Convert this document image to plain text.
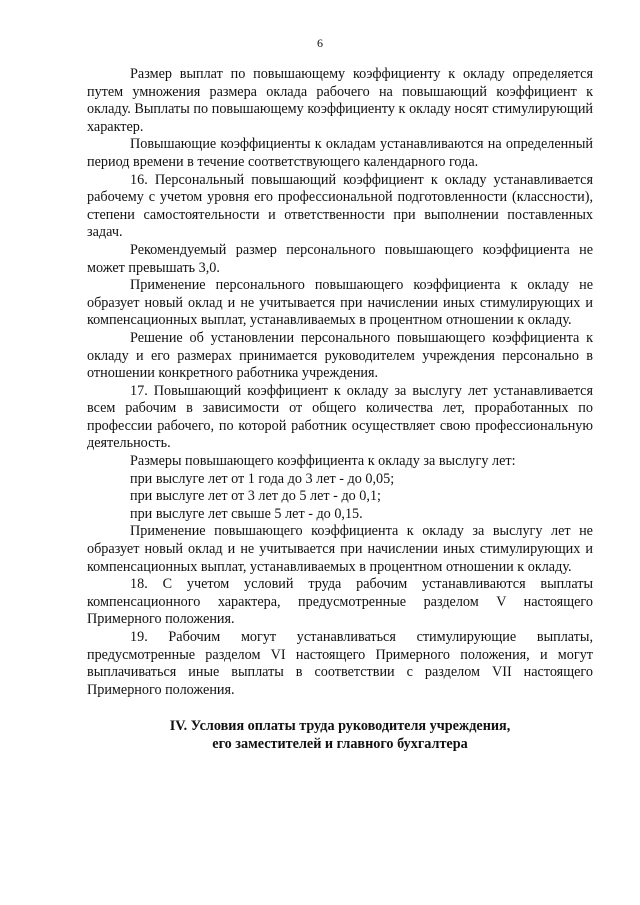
6

Размер выплат по повышающему коэффициенту к окладу определяется путем умножения размера оклада рабочего на повышающий коэффициент к окладу. Выплаты по повышающему коэффициенту к окладу носят стимулирующий характер.

Повышающие коэффициенты к окладам устанавливаются на определенный период времени в течение соответствующего календарного года.

16. Персональный повышающий коэффициент к окладу устанавливается рабочему с учетом уровня его профессиональной подготовленности (классности), степени самостоятельности и ответственности при выполнении поставленных задач.

Рекомендуемый размер персонального повышающего коэффициента не может превышать 3,0.

Применение персонального повышающего коэффициента к окладу не образует новый оклад и не учитывается при начислении иных стимулирующих и компенсационных выплат, устанавливаемых в процентном отношении к окладу.

Решение об установлении персонального повышающего коэффициента к окладу и его размерах принимается руководителем учреждения персонально в отношении конкретного работника учреждения.

17. Повышающий коэффициент к окладу за выслугу лет устанавливается всем рабочим в зависимости от общего количества лет, проработанных по профессии рабочего, по которой работник осуществляет свою профессиональную деятельность.

Размеры повышающего коэффициента к окладу за выслугу лет:

при выслуге лет от 1 года до 3 лет - до 0,05;

при выслуге лет от 3 лет до 5 лет - до 0,1;

при выслуге лет свыше 5 лет - до 0,15.

Применение повышающего коэффициента к окладу за выслугу лет не образует новый оклад и не учитывается при начислении иных стимулирующих и компенсационных выплат, устанавливаемых в процентном отношении к окладу.

18. С учетом условий труда рабочим устанавливаются выплаты компенсационного характера, предусмотренные разделом V настоящего Примерного положения.

19. Рабочим могут устанавливаться стимулирующие выплаты, предусмотренные разделом VI настоящего Примерного положения, и могут выплачиваться иные выплаты в соответствии с разделом VII настоящего Примерного положения.

IV. Условия оплаты труда руководителя учреждения,
его заместителей и главного бухгалтера
